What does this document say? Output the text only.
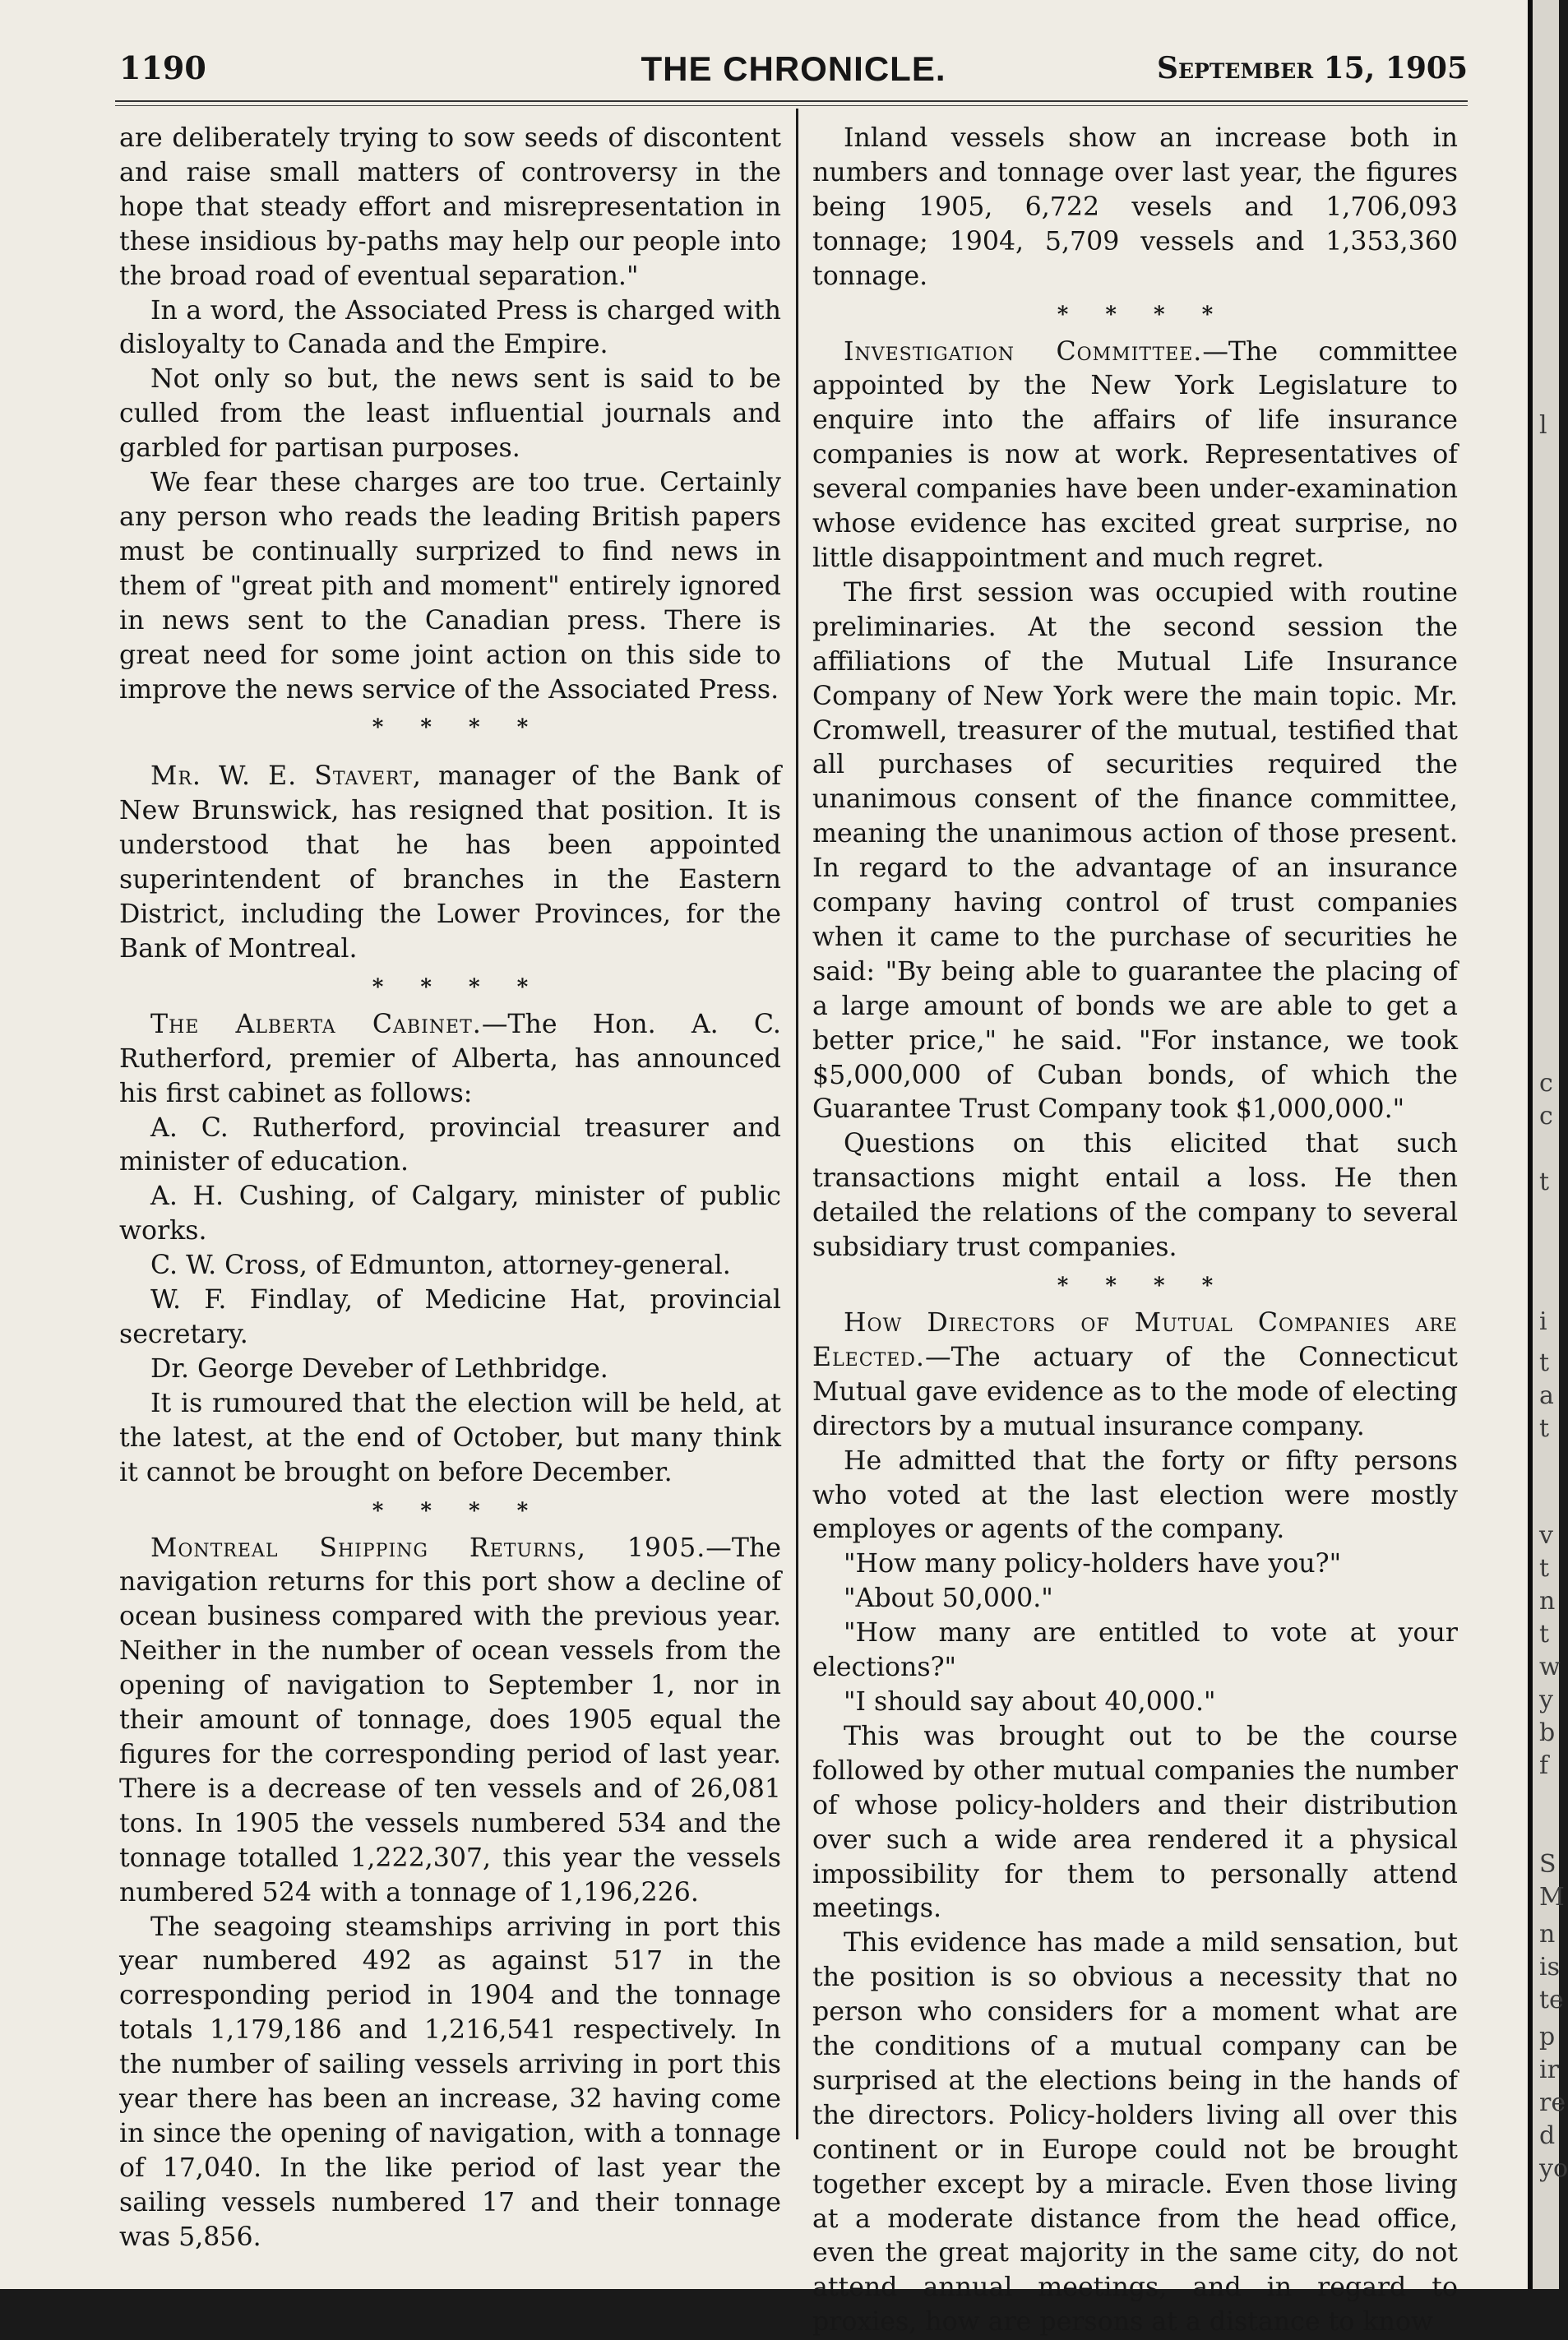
1190	THE CHRONICLE.	September 15, 1905

are deliberately trying to sow seeds of discontent and raise small matters of controversy in the hope that steady effort and misrepresentation in these insidious by-paths may help our people into the broad road of eventual separation."

In a word, the Associated Press is charged with disloyalty to Canada and the Empire.

Not only so but, the news sent is said to be culled from the least influential journals and garbled for partisan purposes.

We fear these charges are too true. Certainly any person who reads the leading British papers must be continually surprized to find news in them of "great pith and moment" entirely ignored in news sent to the Canadian press. There is great need for some joint action on this side to improve the news service of the Associated Press.

* * * *

Mr. W. E. Stavert, manager of the Bank of New Brunswick, has resigned that position. It is understood that he has been appointed superintendent of branches in the Eastern District, including the Lower Provinces, for the Bank of Montreal.

* * * *

The Alberta Cabinet.—The Hon. A. C. Rutherford, premier of Alberta, has announced his first cabinet as follows:

A. C. Rutherford, provincial treasurer and minister of education.

A. H. Cushing, of Calgary, minister of public works.

C. W. Cross, of Edmunton, attorney-general.

W. F. Findlay, of Medicine Hat, provincial secretary.

Dr. George Deveber of Lethbridge.

It is rumoured that the election will be held, at the latest, at the end of October, but many think it cannot be brought on before December.

* * * *

Montreal Shipping Returns, 1905.—The navigation returns for this port show a decline of ocean business compared with the previous year. Neither in the number of ocean vessels from the opening of navigation to September 1, nor in their amount of tonnage, does 1905 equal the figures for the corresponding period of last year. There is a decrease of ten vessels and of 26,081 tons. In 1905 the vessels numbered 534 and the tonnage totalled 1,222,307, this year the vessels numbered 524 with a tonnage of 1,196,226.

The seagoing steamships arriving in port this year numbered 492 as against 517 in the corresponding period in 1904 and the tonnage totals 1,179,186 and 1,216,541 respectively. In the number of sailing vessels arriving in port this year there has been an increase, 32 having come in since the opening of navigation, with a tonnage of 17,040. In the like period of last year the sailing vessels numbered 17 and their tonnage was 5,856.

Inland vessels show an increase both in numbers and tonnage over last year, the figures being 1905, 6,722 vesels and 1,706,093 tonnage; 1904, 5,709 vessels and 1,353,360 tonnage.

* * * *

Investigation Committee.—The committee appointed by the New York Legislature to enquire into the affairs of life insurance companies is now at work. Representatives of several companies have been under-examination whose evidence has excited great surprise, no little disappointment and much regret.

The first session was occupied with routine preliminaries. At the second session the affiliations of the Mutual Life Insurance Company of New York were the main topic. Mr. Cromwell, treasurer of the mutual, testified that all purchases of securities required the unanimous consent of the finance committee, meaning the unanimous action of those present. In regard to the advantage of an insurance company having control of trust companies when it came to the purchase of securities he said: "By being able to guarantee the placing of a large amount of bonds we are able to get a better price," he said. "For instance, we took $5,000,000 of Cuban bonds, of which the Guarantee Trust Company took $1,000,000."

Questions on this elicited that such transactions might entail a loss. He then detailed the relations of the company to several subsidiary trust companies.

* * * *

How Directors of Mutual Companies are Elected.—The actuary of the Connecticut Mutual gave evidence as to the mode of electing directors by a mutual insurance company.

He admitted that the forty or fifty persons who voted at the last election were mostly employes or agents of the company.

"How many policy-holders have you?"

"About 50,000."

"How many are entitled to vote at your elections?"

"I should say about 40,000."

This was brought out to be the course followed by other mutual companies the number of whose policy-holders and their distribution over such a wide area rendered it a physical impossibility for them to personally attend meetings.

This evidence has made a mild sensation, but the position is so obvious a necessity that no person who considers for a moment what are the conditions of a mutual company can be surprised at the elections being in the hands of the directors. Policy-holders living all over this continent or in Europe could not be brought together except by a miracle. Even those living at a moderate distance from the head office, even the great majority in the same city, do not attend annual meetings, and in regard to proxies, how are persons at a distance to know

l
c
c
t
i
t
a
t
v
t
n
t
w
y
b
f
S
M
n
is
te
p
ir
re
d
yo
